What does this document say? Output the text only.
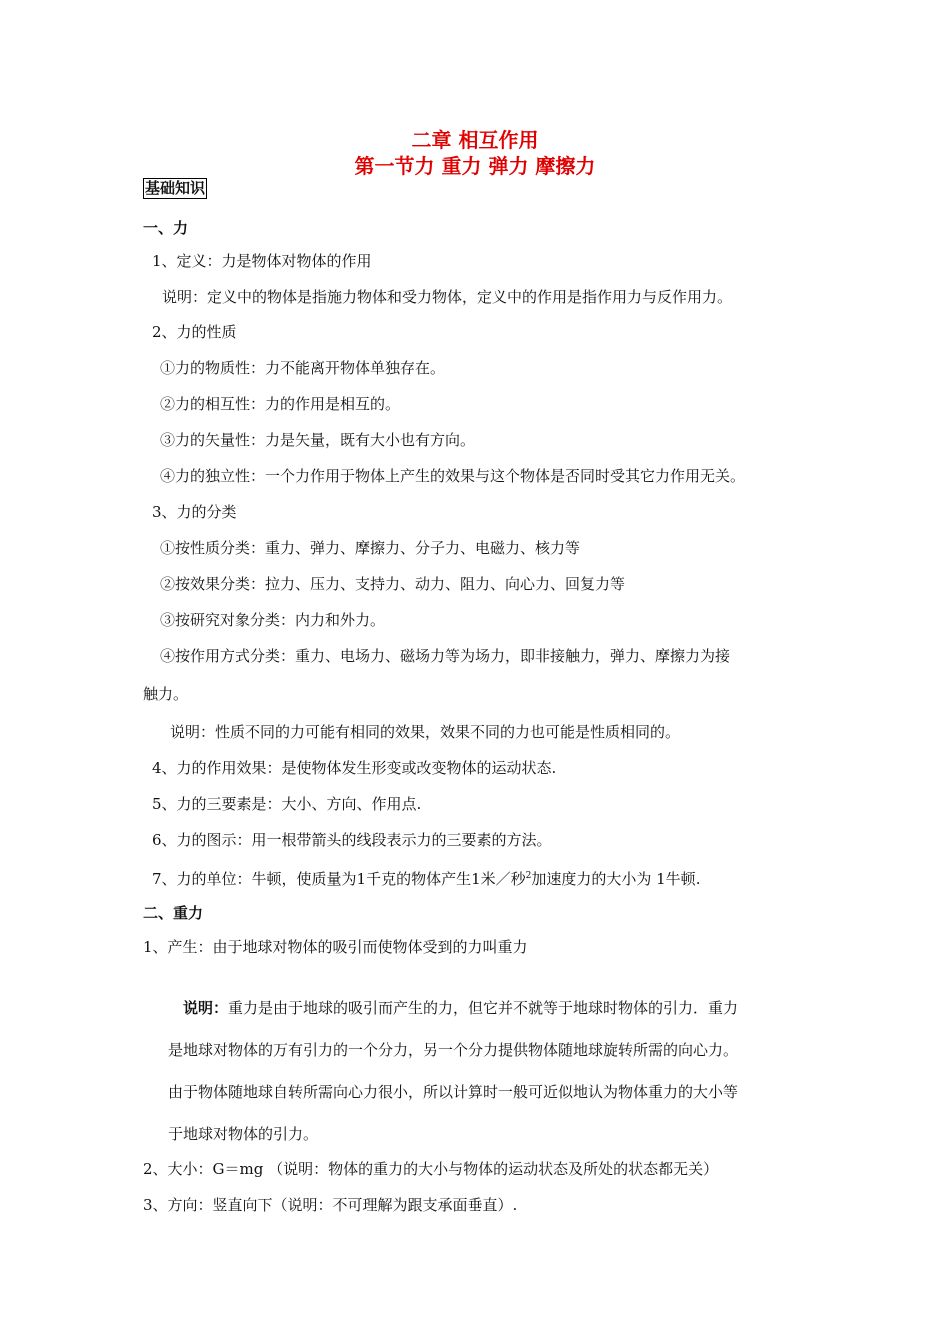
二章 相互作用
第一节力 重力 弹力 摩擦力
基础知识
一、力
1、定义：力是物体对物体的作用
说明：定义中的物体是指施力物体和受力物体，定义中的作用是指作用力与反作用力。
2、力的性质
①力的物质性：力不能离开物体单独存在。
②力的相互性：力的作用是相互的。
③力的矢量性：力是矢量，既有大小也有方向。
④力的独立性：一个力作用于物体上产生的效果与这个物体是否同时受其它力作用无关。
3、力的分类
①按性质分类：重力、弹力、摩擦力、分子力、电磁力、核力等
②按效果分类：拉力、压力、支持力、动力、阻力、向心力、回复力等
③按研究对象分类：内力和外力。
④按作用方式分类：重力、电场力、磁场力等为场力，即非接触力，弹力、摩擦力为接
触力。
说明：性质不同的力可能有相同的效果，效果不同的力也可能是性质相同的。
4、力的作用效果：是使物体发生形变或改变物体的运动状态.
5、力的三要素是：大小、方向、作用点.
6、力的图示：用一根带箭头的线段表示力的三要素的方法。
7、力的单位：牛顿，使质量为1千克的物体产生1米／秒$^2$加速度力的大小为 1牛顿.
二、重力
1、产生：由于地球对物体的吸引而使物体受到的力叫重力
说明：重力是由于地球的吸引而产生的力，但它并不就等于地球时物体的引力．重力
是地球对物体的万有引力的一个分力，另一个分力提供物体随地球旋转所需的向心力。
由于物体随地球自转所需向心力很小，所以计算时一般可近似地认为物体重力的大小等
于地球对物体的引力。
2、大小：G＝mg （说明：物体的重力的大小与物体的运动状态及所处的状态都无关）
3、方向：竖直向下（说明：不可理解为跟支承面垂直）.
